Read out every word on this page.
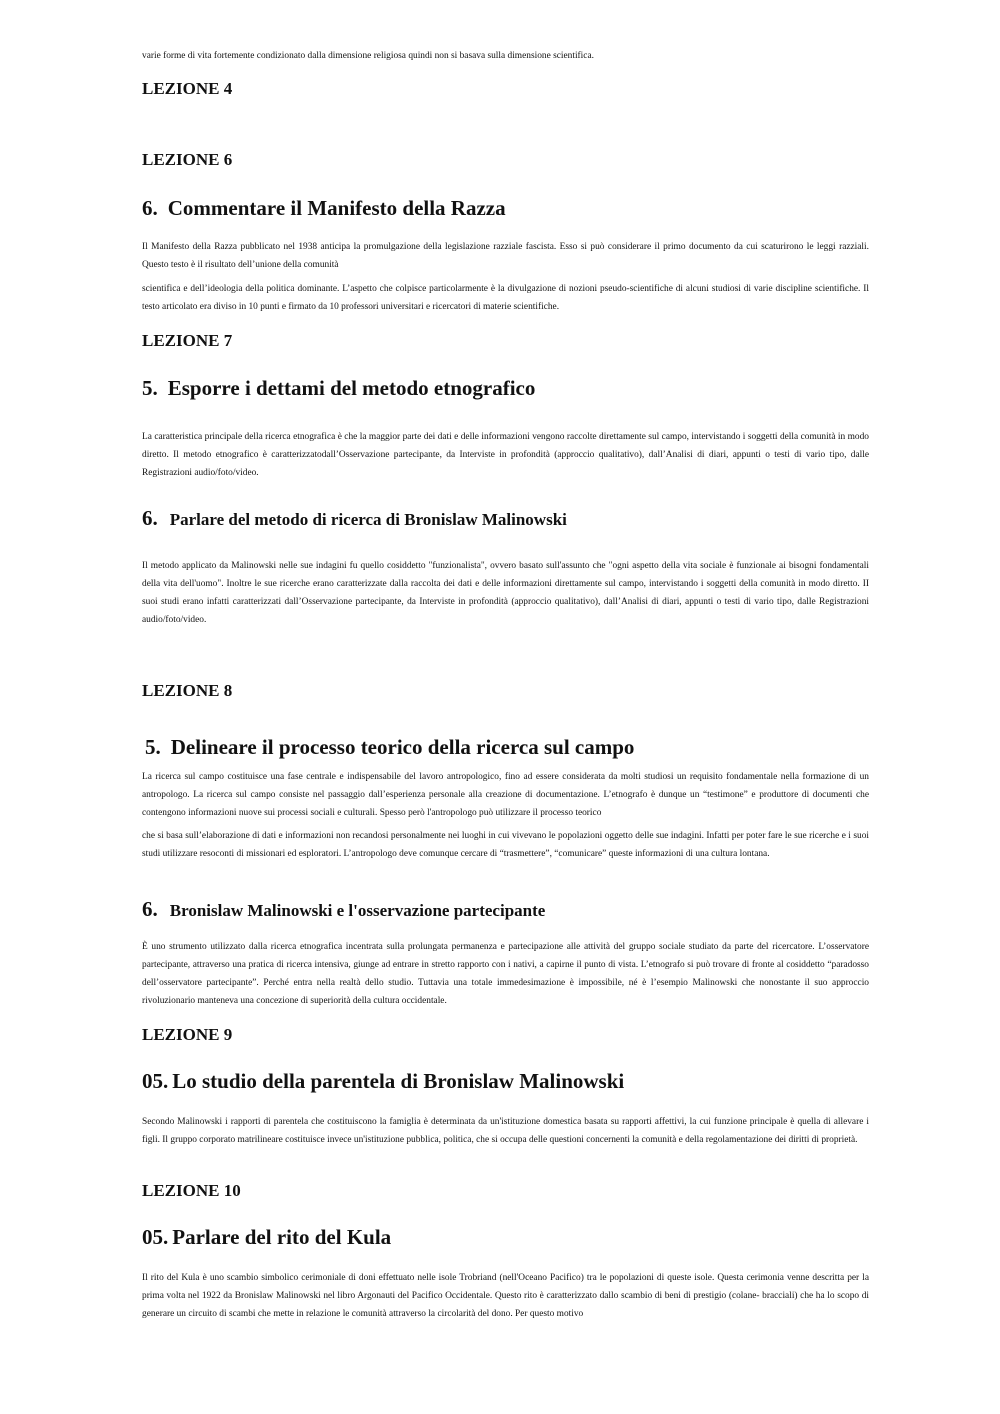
varie forme di vita fortemente condizionato dalla dimensione religiosa quindi non si basava sulla dimensione scientifica.

LEZIONE 4
LEZIONE 6
6. Commentare il Manifesto della Razza

Il Manifesto della Razza pubblicato nel 1938 anticipa la promulgazione della legislazione razziale fascista. Esso si può considerare il primo documento da cui scaturirono le leggi razziali. Questo testo è il risultato dell’unione della comunità

scientifica e dell’ideologia della politica dominante. L’aspetto che colpisce particolarmente è la divulgazione di nozioni pseudo-scientifiche di alcuni studiosi di varie discipline scientifiche. Il testo articolato era diviso in 10 punti e firmato da 10 professori universitari e ricercatori di materie scientifiche.

LEZIONE 7
5. Esporre i dettami del metodo etnografico

La caratteristica principale della ricerca etnografica è che la maggior parte dei dati e delle informazioni vengono raccolte direttamente sul campo, intervistando i soggetti della comunità in modo diretto. Il metodo etnografico è caratterizzatodall’Osservazione partecipante, da Interviste in profondità (approccio qualitativo), dall’Analisi di diari, appunti o testi di vario tipo, dalle Registrazioni audio/foto/video.

6. Parlare del metodo di ricerca di Bronislaw Malinowski

Il metodo applicato da Malinowski nelle sue indagini fu quello cosiddetto "funzionalista", ovvero basato sull'assunto che "ogni aspetto della vita sociale è funzionale ai bisogni fondamentali della vita dell'uomo". Inoltre le sue ricerche erano caratterizzate dalla raccolta dei dati e delle informazioni direttamente sul campo, intervistando i soggetti della comunità in modo diretto. II suoi studi erano infatti caratterizzati dall’Osservazione partecipante, da Interviste in profondità (approccio qualitativo), dall’Analisi di diari, appunti o testi di vario tipo, dalle Registrazioni audio/foto/video.

LEZIONE 8
5. Delineare il processo teorico della ricerca sul campo

La ricerca sul campo costituisce una fase centrale e indispensabile del lavoro antropologico, fino ad essere considerata da molti studiosi un requisito fondamentale nella formazione di un antropologo. La ricerca sul campo consiste nel passaggio dall’esperienza personale alla creazione di documentazione. L’etnografo è dunque un “testimone” e produttore di documenti che contengono informazioni nuove sui processi sociali e culturali. Spesso però l'antropologo può utilizzare il processo teorico

che si basa sull’elaborazione di dati e informazioni non recandosi personalmente nei luoghi in cui vivevano le popolazioni oggetto delle sue indagini. Infatti per poter fare le sue ricerche e i suoi studi utilizzare resoconti di missionari ed esploratori. L’antropologo deve comunque cercare di “trasmettere”, “comunicare” queste informazioni di una cultura lontana.

6. Bronislaw Malinowski e l'osservazione partecipante

È uno strumento utilizzato dalla ricerca etnografica incentrata sulla prolungata permanenza e partecipazione alle attività del gruppo sociale studiato da parte del ricercatore. L’osservatore partecipante, attraverso una pratica di ricerca intensiva, giunge ad entrare in stretto rapporto con i nativi, a capirne il punto di vista. L’etnografo si può trovare di fronte al cosiddetto “paradosso dell’osservatore partecipante”. Perché entra nella realtà dello studio. Tuttavia una totale immedesimazione è impossibile, né è l’esempio Malinowski che nonostante il suo approccio rivoluzionario manteneva una concezione di superiorità della cultura occidentale.

LEZIONE 9
05. Lo studio della parentela di Bronislaw Malinowski

Secondo Malinowski i rapporti di parentela che costituiscono la famiglia è determinata da un'istituzione domestica basata su rapporti affettivi, la cui funzione principale è quella di allevare i figli. Il gruppo corporato matrilineare costituisce invece un'istituzione pubblica, politica, che si occupa delle questioni concernenti la comunità e della regolamentazione dei diritti di proprietà.

LEZIONE 10
05. Parlare del rito del Kula

Il rito del Kula è uno scambio simbolico cerimoniale di doni effettuato nelle isole Trobriand (nell'Oceano Pacifico) tra le popolazioni di queste isole. Questa cerimonia venne descritta per la prima volta nel 1922 da Bronislaw Malinowski nel libro Argonauti del Pacifico Occidentale. Questo rito è caratterizzato dallo scambio di beni di prestigio (colane- bracciali) che ha lo scopo di generare un circuito di scambi che mette in relazione le comunità attraverso la circolarità del dono. Per questo motivo
